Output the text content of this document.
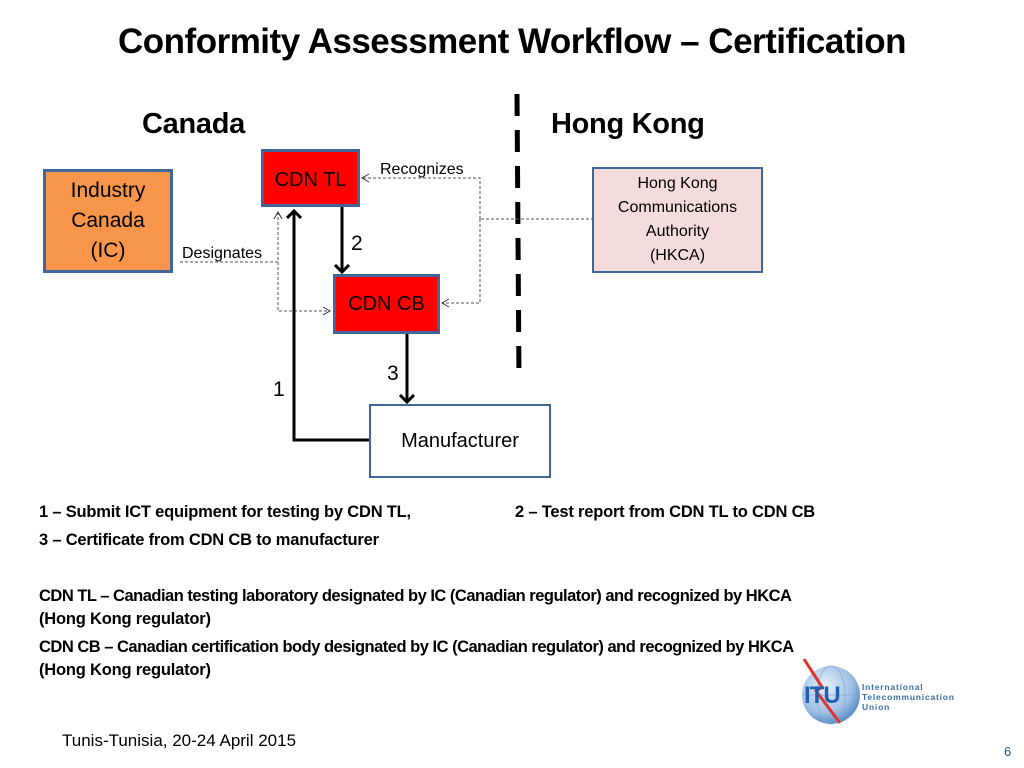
Conformity Assessment Workflow – Certification
Canada	Hong Kong
Industry
Canada
(IC)
CDN TL
CDN CB
Hong Kong
Communications
Authority
(HKCA)
Manufacturer
Designates
Recognizes
2
3
1
1 – Submit ICT equipment for testing by CDN TL,	2 – Test report from CDN TL to CDN CB
3 – Certificate from CDN CB to manufacturer
CDN TL – Canadian testing laboratory designated by IC (Canadian regulator) and recognized by HKCA
(Hong Kong regulator)
CDN CB – Canadian certification body designated by IC (Canadian regulator) and recognized by HKCA
(Hong Kong regulator)
ITU	International
Telecommunication
Union
Tunis-Tunisia, 20-24 April 2015
6
